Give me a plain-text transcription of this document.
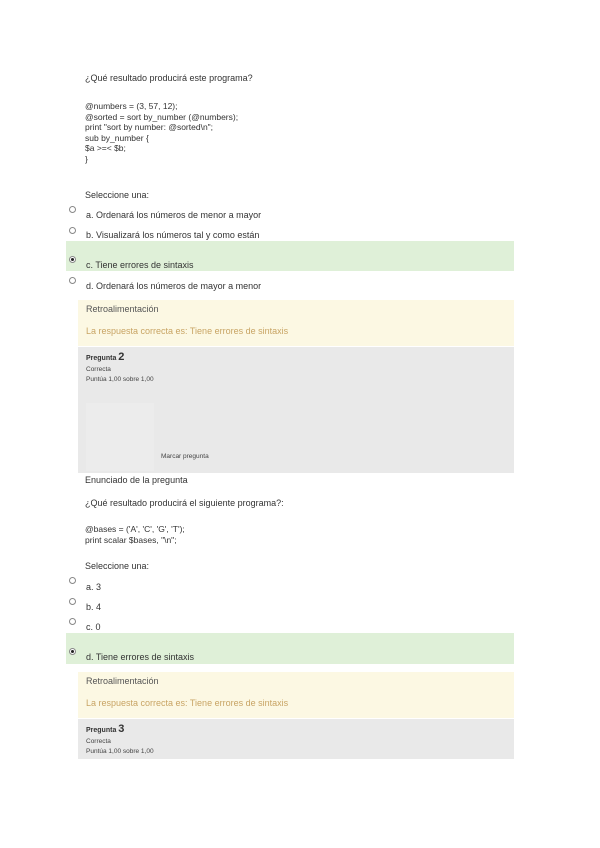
¿Qué resultado producirá este programa?
@numbers = (3, 57, 12);
@sorted = sort by_number (@numbers);
print "sort by number: @sorted\n";
sub by_number {
$a >=< $b;
}
Seleccione una:
a. Ordenará los números de menor a mayor
b. Visualizará los números tal y como están
c. Tiene errores de sintaxis
d. Ordenará los números de mayor a menor
Retroalimentación
La respuesta correcta es: Tiene errores de sintaxis
Pregunta 2
Correcta
Puntúa 1,00 sobre 1,00
Marcar pregunta
Enunciado de la pregunta
¿Qué resultado producirá el siguiente programa?:
@bases = ('A', 'C', 'G', 'T');
print scalar $bases, "\n";
Seleccione una:
a. 3
b. 4
c. 0
d. Tiene errores de sintaxis
Retroalimentación
La respuesta correcta es: Tiene errores de sintaxis
Pregunta 3
Correcta
Puntúa 1,00 sobre 1,00
